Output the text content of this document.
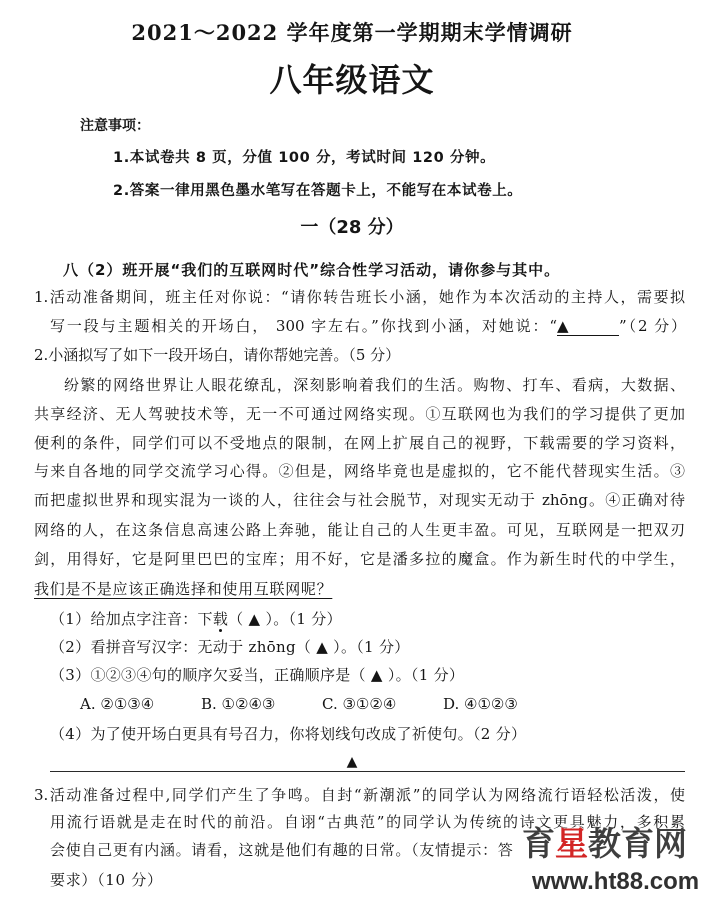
2021～2022 学年度第一学期期末学情调研
八年级语文
注意事项：
1.本试卷共 8 页，分值 100 分，考试时间 120 分钟。
2.答案一律用黑色墨水笔写在答题卡上，不能写在本试卷上。
一（28 分）
八（2）班开展“我们的互联网时代”综合性学习活动，请你参与其中。
1.活动准备期间，班主任对你说：“请你转告班长小涵，她作为本次活动的主持人，需要拟
写一段与主题相关的开场白， 300 字左右。”你找到小涵，对她说：“▲	”（2 分）
2.小涵拟写了如下一段开场白，请你帮她完善。（5 分）
纷繁的网络世界让人眼花缭乱，深刻影响着我们的生活。购物、打车、看病，大数据、
共享经济、无人驾驶技术等，无一不可通过网络实现。①互联网也为我们的学习提供了更加
便利的条件，同学们可以不受地点的限制，在网上扩展自己的视野，下载需要的学习资料，
与来自各地的同学交流学习心得。②但是，网络毕竟也是虚拟的，它不能代替现实生活。③
而把虚拟世界和现实混为一谈的人，往往会与社会脱节，对现实无动于 zhōng。④正确对待
网络的人，在这条信息高速公路上奔驰，能让自己的人生更丰盈。可见，互联网是一把双刃
剑，用得好，它是阿里巴巴的宝库；用不好，它是潘多拉的魔盒。作为新生时代的中学生，
我们是不是应该正确选择和使用互联网呢？
（1）给加点字注音：下载（ ▲ ）。（1 分）
（2）看拼音写汉字：无动于 zhōng（ ▲ ）。（1 分）
（3）①②③④句的顺序欠妥当，正确顺序是（ ▲ ）。（1 分）
A. ②①③④	B. ①②④③	C. ③①②④	D. ④①②③
（4）为了使开场白更具有号召力，你将划线句改成了祈使句。（2 分）
▲
3.活动准备过程中,同学们产生了争鸣。自封“新潮派”的同学认为网络流行语轻松活泼，使
用流行语就是走在时代的前沿。自诩“古典范”的同学认为传统的诗文更具魅力，多积累
会使自己更有内涵。请看，这就是他们有趣的日常。（友情提示：答
要求）（10 分）
育星教育网
www.ht88.com
